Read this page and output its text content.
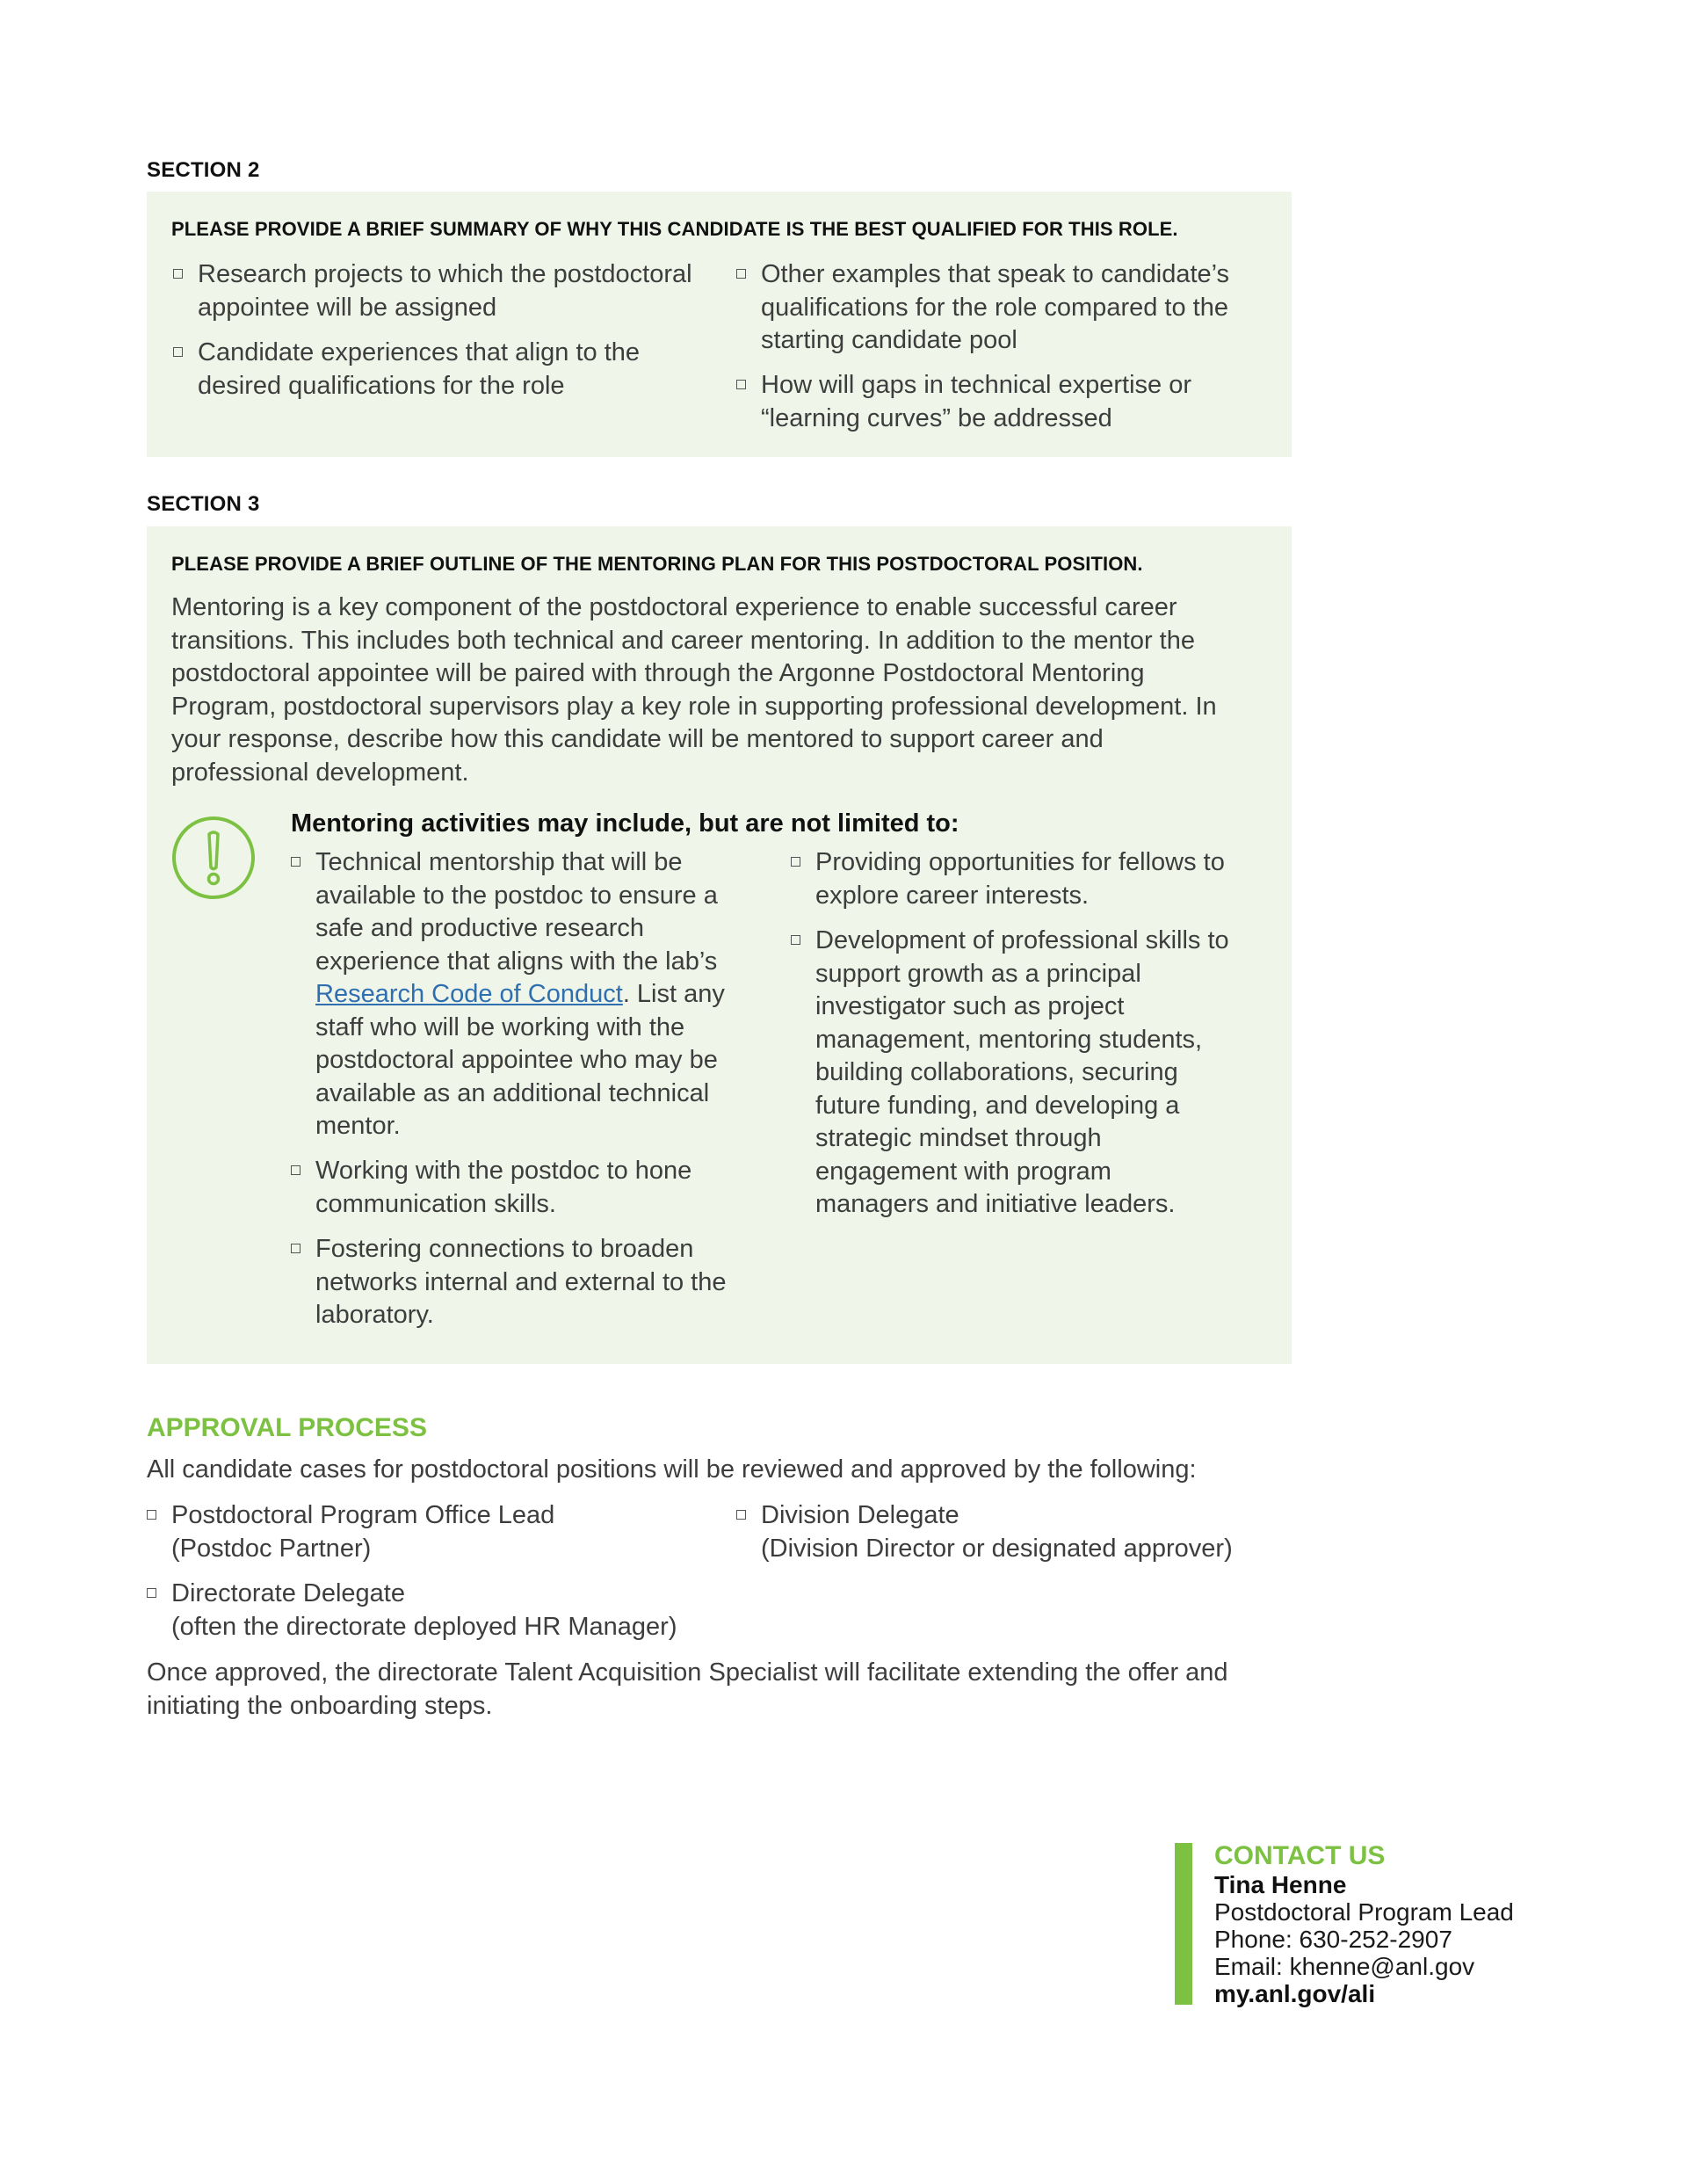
SECTION 2
PLEASE PROVIDE A BRIEF SUMMARY OF WHY THIS CANDIDATE IS THE BEST QUALIFIED FOR THIS ROLE.
Research projects to which the postdoctoral appointee will be assigned
Candidate experiences that align to the desired qualifications for the role
Other examples that speak to candidate’s qualifications for the role compared to the starting candidate pool
How will gaps in technical expertise or “learning curves” be addressed
SECTION 3
PLEASE PROVIDE A BRIEF OUTLINE OF THE MENTORING PLAN FOR THIS POSTDOCTORAL POSITION.
Mentoring is a key component of the postdoctoral experience to enable successful career transitions. This includes both technical and career mentoring. In addition to the mentor the postdoctoral appointee will be paired with through the Argonne Postdoctoral Mentoring Program, postdoctoral supervisors play a key role in supporting professional development. In your response, describe how this candidate will be mentored to support career and professional development.
Mentoring activities may include, but are not limited to:
Technical mentorship that will be available to the postdoc to ensure a safe and productive research experience that aligns with the lab’s Research Code of Conduct. List any staff who will be working with the postdoctoral appointee who may be available as an additional technical mentor.
Working with the postdoc to hone communication skills.
Fostering connections to broaden networks internal and external to the laboratory.
Providing opportunities for fellows to explore career interests.
Development of professional skills to support growth as a principal investigator such as project management, mentoring students, building collaborations, securing future funding, and developing a strategic mindset through engagement with program managers and initiative leaders.
APPROVAL PROCESS
All candidate cases for postdoctoral positions will be reviewed and approved by the following:
Postdoctoral Program Office Lead
(Postdoc Partner)
Directorate Delegate
(often the directorate deployed HR Manager)
Division Delegate
(Division Director or designated approver)
Once approved, the directorate Talent Acquisition Specialist will facilitate extending the offer and initiating the onboarding steps.
CONTACT US
Tina Henne
Postdoctoral Program Lead
Phone: 630-252-2907
Email: khenne@anl.gov
my.anl.gov/ali
